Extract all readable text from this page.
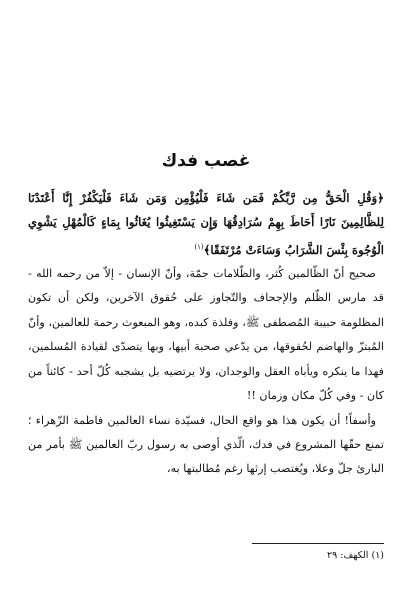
غصب فدك

﴿وَقُلِ الْحَقُّ مِن رَّبِّكُمْ فَمَن شَاءَ فَلْيُؤْمِن وَمَن شَاءَ فَلْيَكْفُرْ إِنَّا أَعْتَدْنَا لِلظَّالِمِينَ نَارًا أَحَاطَ بِهِمْ سُرَادِقُهَا وَإِن يَسْتَغِيثُوا يُغَاثُوا بِمَاءٍ كَالْمُهْلِ يَشْوِي الْوُجُوهَ بِئْسَ الشَّرَابُ وَسَاءَتْ مُرْتَفَقًا﴾$^{(١)}$

صحيح أنّ الظّالمين كُثر، والظّلامات جمّة، وأنّ الإنسان - إلاّ من رحمه الله - قد مارس الظّلم والإجحاف والتّجاوز على حُقوق الآخرين، ولكن أن تكون المظلومة حبيبة المُصطفى ﷺ، وفلذة كبده، وهو المبعوث رحمة للعالمين، وأنّ المُبتزّ والهاضم لحُقوقها، من يدّعي صحبة أبيها، وبها يتصدّى لقيادة المُسلمين، فهذا ما ينكره ويأباه العقل والوجدان، ولا يرتضيه بل يشجبه كُلّ أحد - كائناً من كان - وفي كُلّ مكان وزمان !!

وأسفاً! أن يكون هذا هو واقع الحال، فسيّدة نساء العالمين فاطمة الزّهراء ؛ تمنع حقّها المشروع في فدك، الّذي أوصى به رسول ربّ العالمين ﷺ بأمر من البارئ جلّ وعلا، ويُغتصب إرثها رغم مُطالبتها به،

(١) الكهف: ٢٩
